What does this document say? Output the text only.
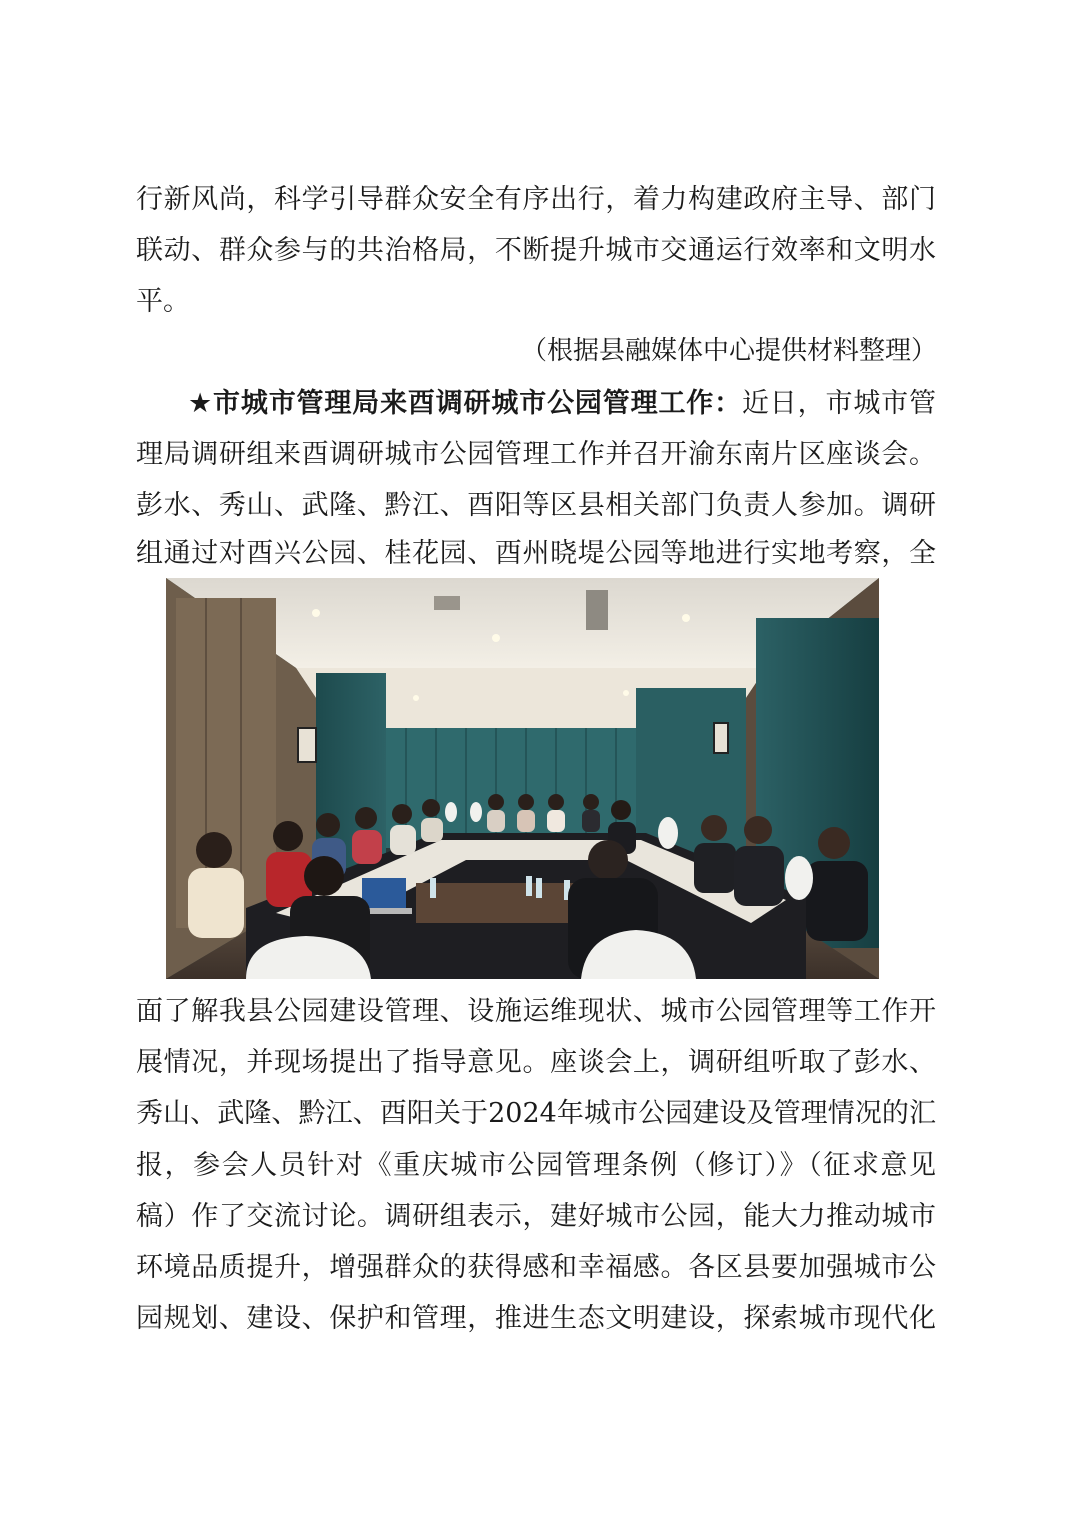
行新风尚，科学引导群众安全有序出行，着力构建政府主导、部门
联动、群众参与的共治格局，不断提升城市交通运行效率和文明水
平。
（根据县融媒体中心提供材料整理）
★市城市管理局来酉调研城市公园管理工作：近日，市城市管
理局调研组来酉调研城市公园管理工作并召开渝东南片区座谈会。
彭水、秀山、武隆、黔江、酉阳等区县相关部门负责人参加。调研
组通过对酉兴公园、桂花园、酉州晓堤公园等地进行实地考察，全
面了解我县公园建设管理、设施运维现状、城市公园管理等工作开
展情况，并现场提出了指导意见。座谈会上，调研组听取了彭水、
秀山、武隆、黔江、酉阳关于2024年城市公园建设及管理情况的汇
报，参会人员针对《重庆城市公园管理条例（修订）》（征求意见
稿）作了交流讨论。调研组表示，建好城市公园，能大力推动城市
环境品质提升，增强群众的获得感和幸福感。各区县要加强城市公
园规划、建设、保护和管理，推进生态文明建设，探索城市现代化
